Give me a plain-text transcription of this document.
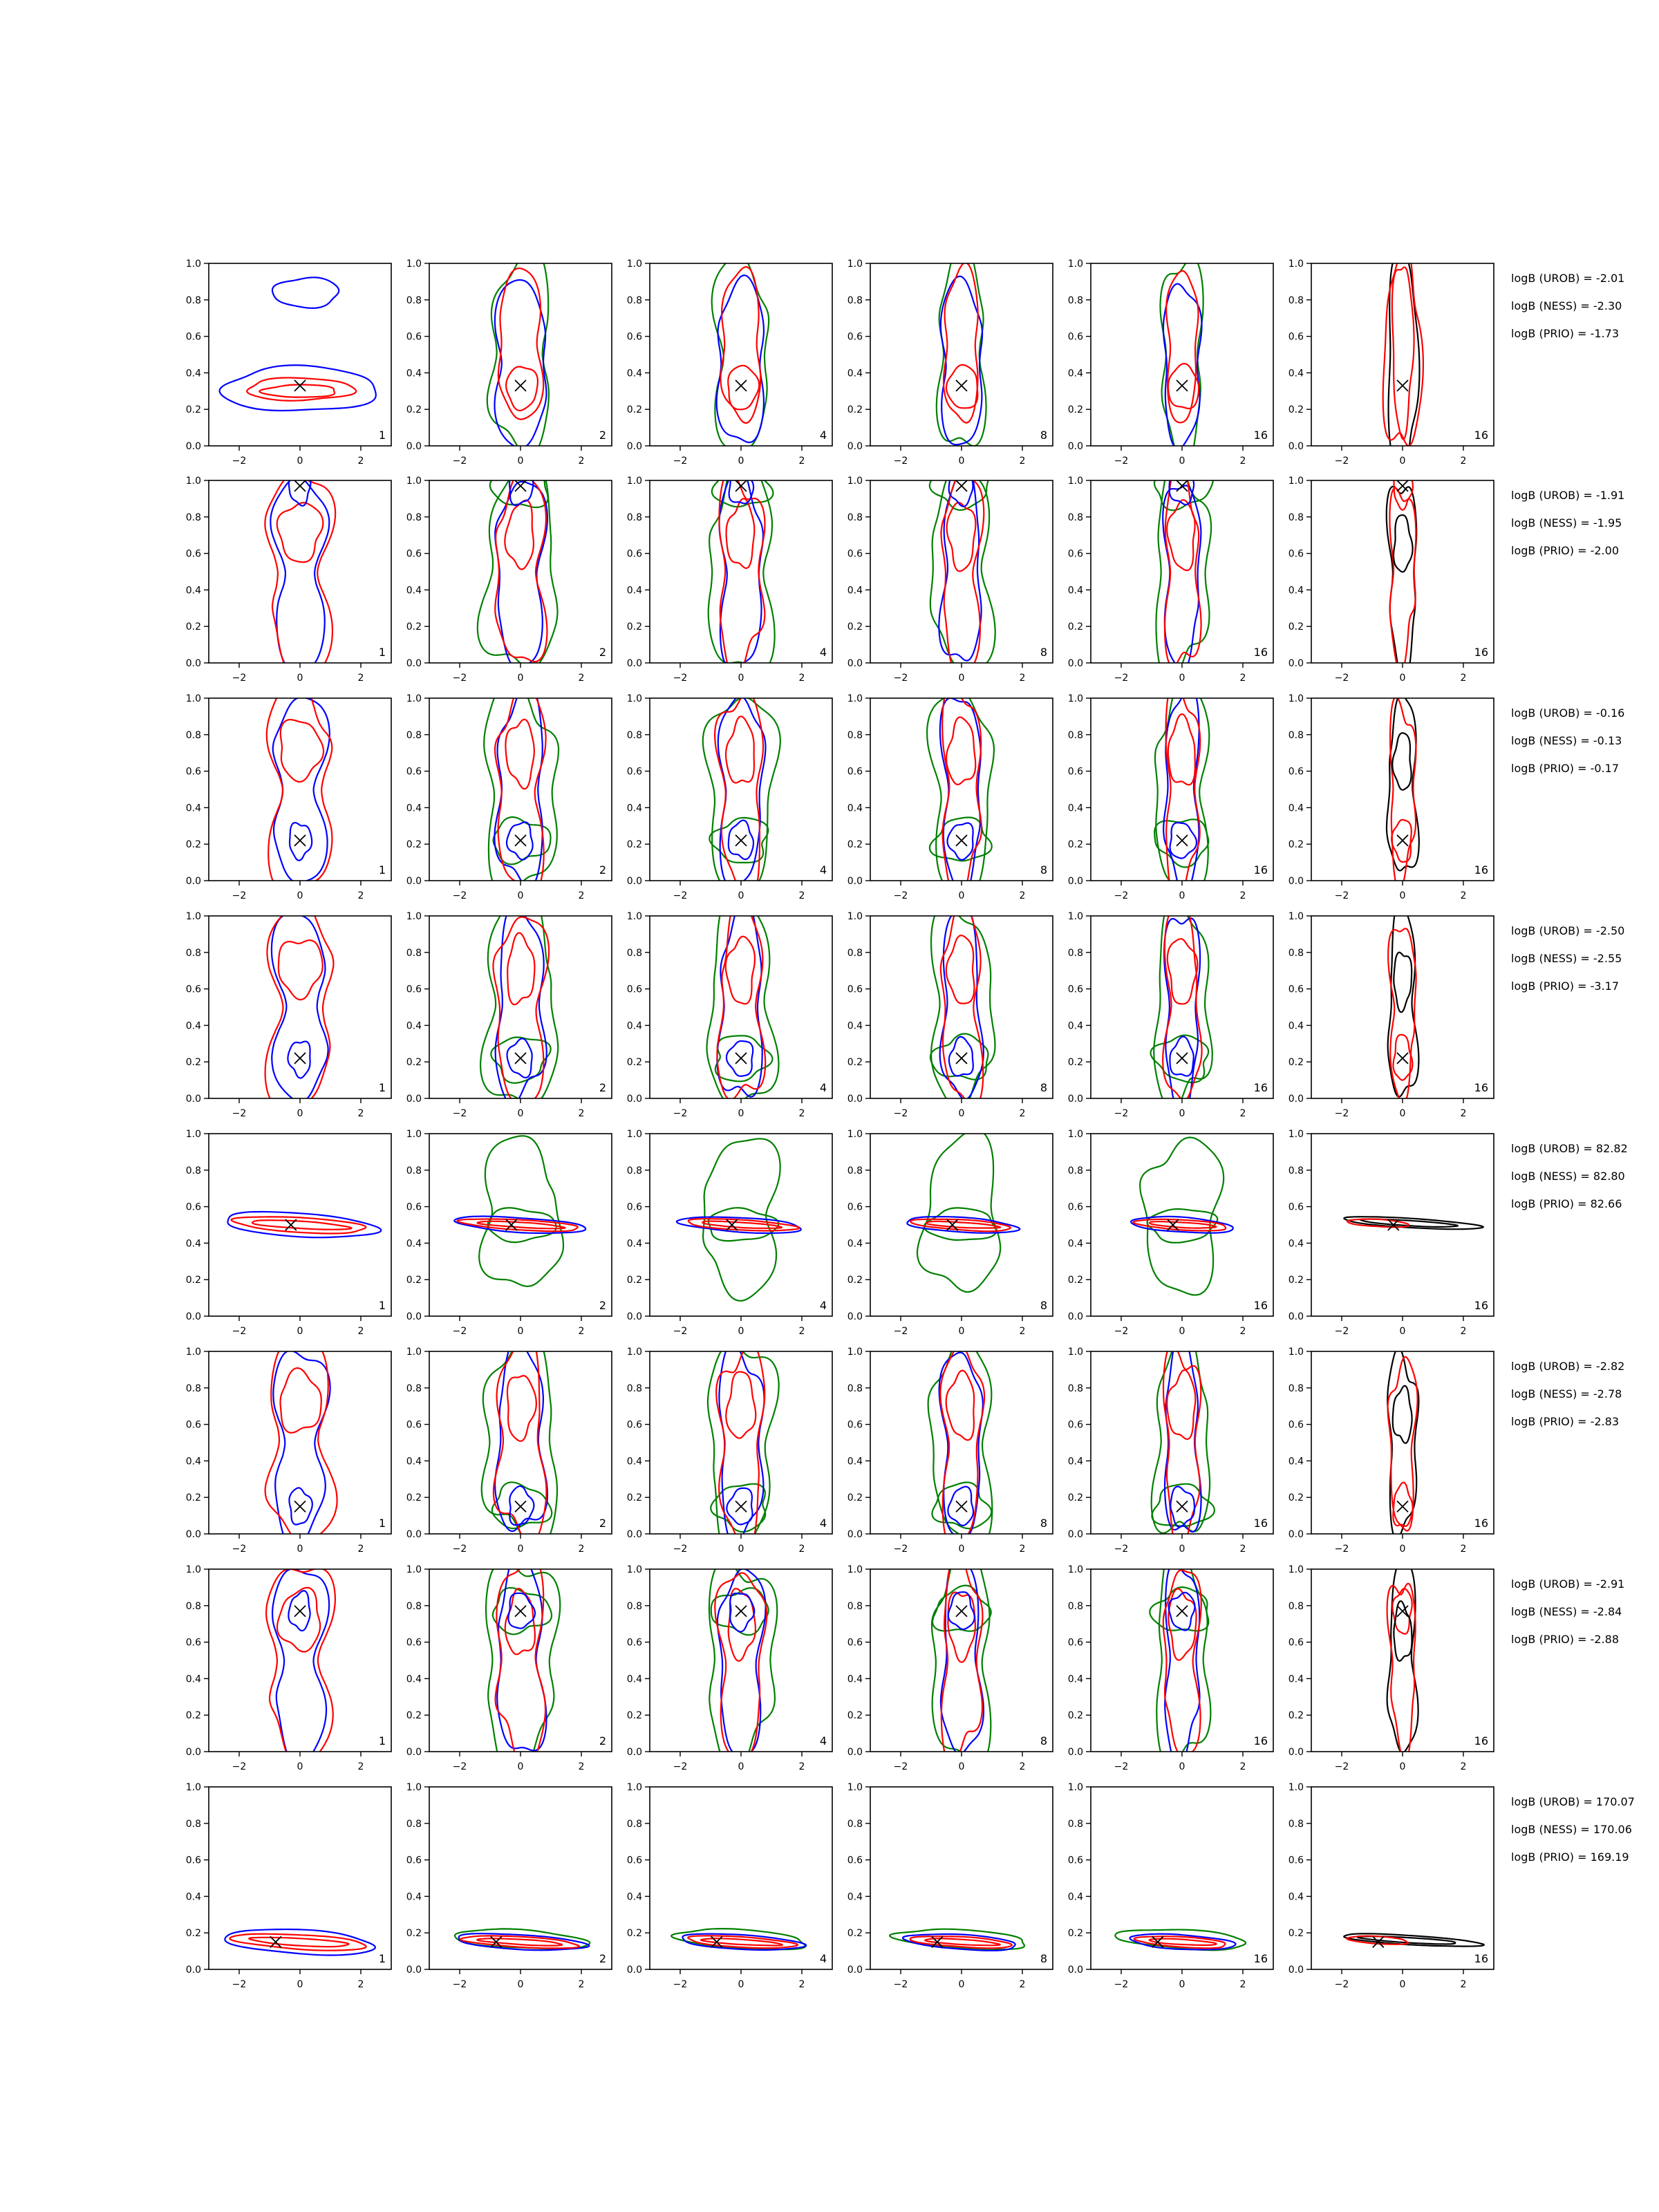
−2	0	2
0.0
0.2
0.4
0.6
0.8
1.0
1
−2	0	2
0.0
0.2
0.4
0.6
0.8
1.0
2
−2	0	2
0.0
0.2
0.4
0.6
0.8
1.0
4
−2	0	2
0.0
0.2
0.4
0.6
0.8
1.0
8
−2	0	2
0.0
0.2
0.4
0.6
0.8
1.0
16
−2	0	2
0.0
0.2
0.4
0.6
0.8
1.0
16
−2	0	2
0.0
0.2
0.4
0.6
0.8
1.0
1
−2	0	2
0.0
0.2
0.4
0.6
0.8
1.0
2
−2	0	2
0.0
0.2
0.4
0.6
0.8
1.0
4
−2	0	2
0.0
0.2
0.4
0.6
0.8
1.0
8
−2	0	2
0.0
0.2
0.4
0.6
0.8
1.0
16
−2	0	2
0.0
0.2
0.4
0.6
0.8
1.0
16
−2	0	2
0.0
0.2
0.4
0.6
0.8
1.0
1
−2	0	2
0.0
0.2
0.4
0.6
0.8
1.0
2
−2	0	2
0.0
0.2
0.4
0.6
0.8
1.0
4
−2	0	2
0.0
0.2
0.4
0.6
0.8
1.0
8
−2	0	2
0.0
0.2
0.4
0.6
0.8
1.0
16
−2	0	2
0.0
0.2
0.4
0.6
0.8
1.0
16
−2	0	2
0.0
0.2
0.4
0.6
0.8
1.0
1
−2	0	2
0.0
0.2
0.4
0.6
0.8
1.0
2
−2	0	2
0.0
0.2
0.4
0.6
0.8
1.0
4
−2	0	2
0.0
0.2
0.4
0.6
0.8
1.0
8
−2	0	2
0.0
0.2
0.4
0.6
0.8
1.0
16
−2	0	2
0.0
0.2
0.4
0.6
0.8
1.0
16
−2	0	2
0.0
0.2
0.4
0.6
0.8
1.0
1
−2	0	2
0.0
0.2
0.4
0.6
0.8
1.0
2
−2	0	2
0.0
0.2
0.4
0.6
0.8
1.0
4
−2	0	2
0.0
0.2
0.4
0.6
0.8
1.0
8
−2	0	2
0.0
0.2
0.4
0.6
0.8
1.0
16
−2	0	2
0.0
0.2
0.4
0.6
0.8
1.0
16
−2	0	2
0.0
0.2
0.4
0.6
0.8
1.0
1
−2	0	2
0.0
0.2
0.4
0.6
0.8
1.0
2
−2	0	2
0.0
0.2
0.4
0.6
0.8
1.0
4
−2	0	2
0.0
0.2
0.4
0.6
0.8
1.0
8
−2	0	2
0.0
0.2
0.4
0.6
0.8
1.0
16
−2	0	2
0.0
0.2
0.4
0.6
0.8
1.0
16
−2	0	2
0.0
0.2
0.4
0.6
0.8
1.0
1
−2	0	2
0.0
0.2
0.4
0.6
0.8
1.0
2
−2	0	2
0.0
0.2
0.4
0.6
0.8
1.0
4
−2	0	2
0.0
0.2
0.4
0.6
0.8
1.0
8
−2	0	2
0.0
0.2
0.4
0.6
0.8
1.0
16
−2	0	2
0.0
0.2
0.4
0.6
0.8
1.0
16
−2	0	2
0.0
0.2
0.4
0.6
0.8
1.0
1
−2	0	2
0.0
0.2
0.4
0.6
0.8
1.0
2
−2	0	2
0.0
0.2
0.4
0.6
0.8
1.0
4
−2	0	2
0.0
0.2
0.4
0.6
0.8
1.0
8
−2	0	2
0.0
0.2
0.4
0.6
0.8
1.0
16
−2	0	2
0.0
0.2
0.4
0.6
0.8
1.0
16
logB (UROB) = -2.01
logB (NESS) = -2.30
logB (PRIO) = -1.73
logB (UROB) = -1.91
logB (NESS) = -1.95
logB (PRIO) = -2.00
logB (UROB) = -0.16
logB (NESS) = -0.13
logB (PRIO) = -0.17
logB (UROB) = -2.50
logB (NESS) = -2.55
logB (PRIO) = -3.17
logB (UROB) = 82.82
logB (NESS) = 82.80
logB (PRIO) = 82.66
logB (UROB) = -2.82
logB (NESS) = -2.78
logB (PRIO) = -2.83
logB (UROB) = -2.91
logB (NESS) = -2.84
logB (PRIO) = -2.88
logB (UROB) = 170.07
logB (NESS) = 170.06
logB (PRIO) = 169.19
